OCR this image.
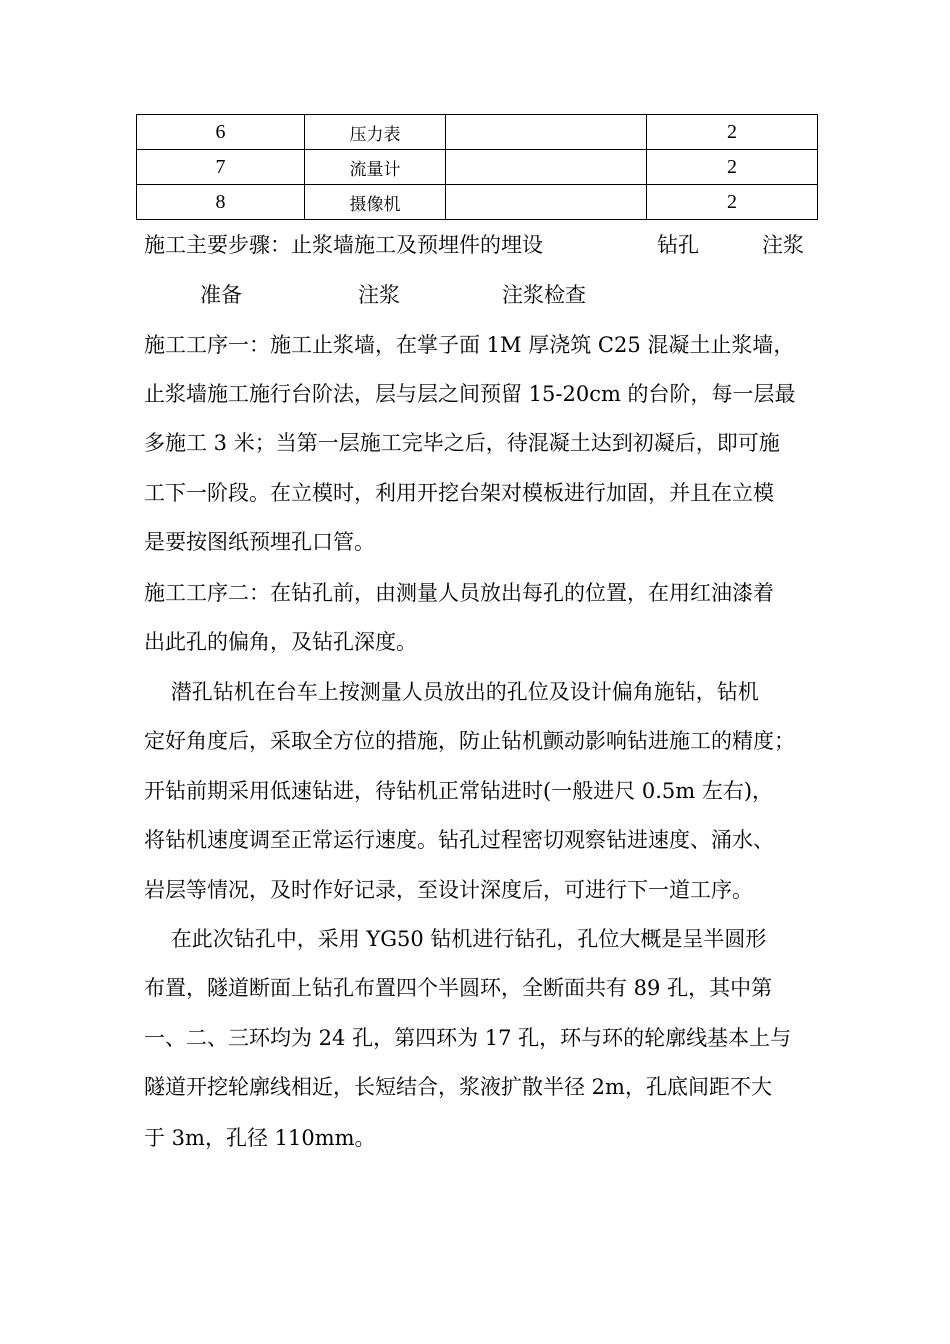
6	压力表		2
7	流量计		2
8	摄像机		2
施工主要步骤：止浆墙施工及预埋件的埋设	钻孔	注浆
准备	注浆	注浆检查
施工工序一：施工止浆墙，在掌子面 1M 厚浇筑 C25 混凝土止浆墙，
止浆墙施工施行台阶法，层与层之间预留 15-20cm 的台阶，每一层最
多施工 3 米；当第一层施工完毕之后，待混凝土达到初凝后，即可施
工下一阶段。在立模时，利用开挖台架对模板进行加固，并且在立模
是要按图纸预埋孔口管。
施工工序二：在钻孔前，由测量人员放出每孔的位置，在用红油漆着
出此孔的偏角，及钻孔深度。
潜孔钻机在台车上按测量人员放出的孔位及设计偏角施钻，钻机
定好角度后，采取全方位的措施，防止钻机颤动影响钻进施工的精度；
开钻前期采用低速钻进，待钻机正常钻进时(一般进尺 0.5m 左右)，
将钻机速度调至正常运行速度。钻孔过程密切观察钻进速度、涌水、
岩层等情况，及时作好记录，至设计深度后，可进行下一道工序。
在此次钻孔中，采用 YG50 钻机进行钻孔，孔位大概是呈半圆形
布置，隧道断面上钻孔布置四个半圆环，全断面共有 89 孔，其中第
一、二、三环均为 24 孔，第四环为 17 孔，环与环的轮廓线基本上与
隧道开挖轮廓线相近，长短结合，浆液扩散半径 2m，孔底间距不大
于 3m，孔径 110mm。
